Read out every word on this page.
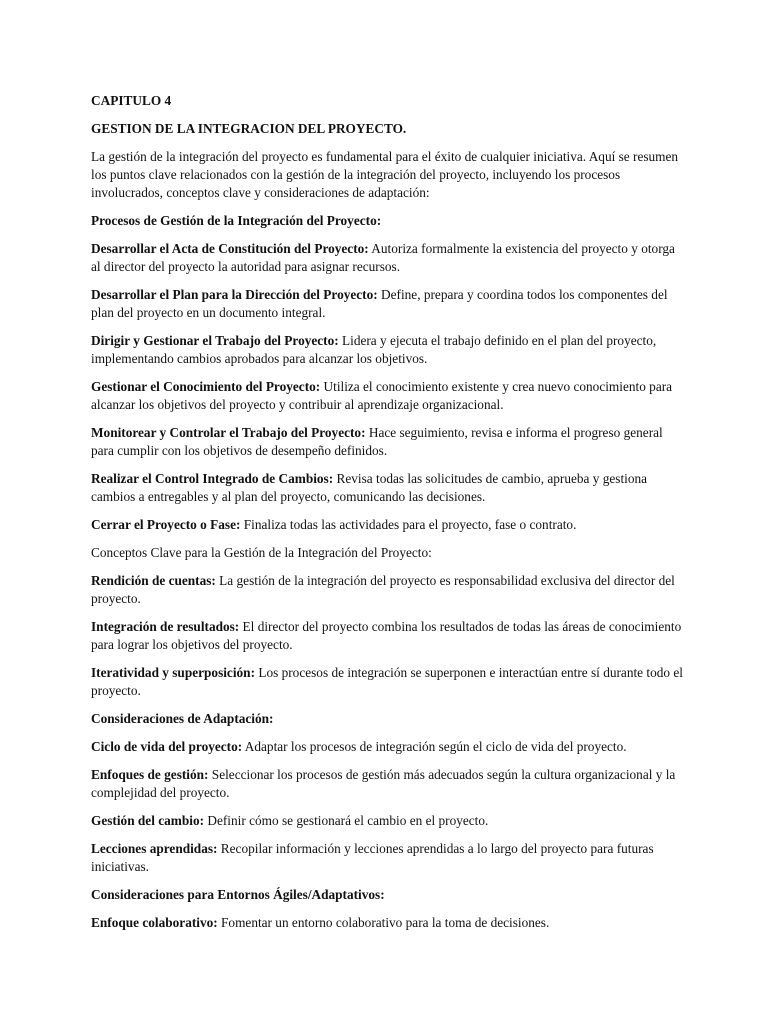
CAPITULO 4

GESTION DE LA INTEGRACION DEL PROYECTO.

La gestión de la integración del proyecto es fundamental para el éxito de cualquier iniciativa. Aquí se resumen los puntos clave relacionados con la gestión de la integración del proyecto, incluyendo los procesos involucrados, conceptos clave y consideraciones de adaptación:

Procesos de Gestión de la Integración del Proyecto:

Desarrollar el Acta de Constitución del Proyecto: Autoriza formalmente la existencia del proyecto y otorga al director del proyecto la autoridad para asignar recursos.

Desarrollar el Plan para la Dirección del Proyecto: Define, prepara y coordina todos los componentes del plan del proyecto en un documento integral.

Dirigir y Gestionar el Trabajo del Proyecto: Lidera y ejecuta el trabajo definido en el plan del proyecto, implementando cambios aprobados para alcanzar los objetivos.

Gestionar el Conocimiento del Proyecto: Utiliza el conocimiento existente y crea nuevo conocimiento para alcanzar los objetivos del proyecto y contribuir al aprendizaje organizacional.

Monitorear y Controlar el Trabajo del Proyecto: Hace seguimiento, revisa e informa el progreso general para cumplir con los objetivos de desempeño definidos.

Realizar el Control Integrado de Cambios: Revisa todas las solicitudes de cambio, aprueba y gestiona cambios a entregables y al plan del proyecto, comunicando las decisiones.

Cerrar el Proyecto o Fase: Finaliza todas las actividades para el proyecto, fase o contrato.

Conceptos Clave para la Gestión de la Integración del Proyecto:

Rendición de cuentas: La gestión de la integración del proyecto es responsabilidad exclusiva del director del proyecto.

Integración de resultados: El director del proyecto combina los resultados de todas las áreas de conocimiento para lograr los objetivos del proyecto.

Iteratividad y superposición: Los procesos de integración se superponen e interactúan entre sí durante todo el proyecto.

Consideraciones de Adaptación:

Ciclo de vida del proyecto: Adaptar los procesos de integración según el ciclo de vida del proyecto.

Enfoques de gestión: Seleccionar los procesos de gestión más adecuados según la cultura organizacional y la complejidad del proyecto.

Gestión del cambio: Definir cómo se gestionará el cambio en el proyecto.

Lecciones aprendidas: Recopilar información y lecciones aprendidas a lo largo del proyecto para futuras iniciativas.

Consideraciones para Entornos Ágiles/Adaptativos:

Enfoque colaborativo: Fomentar un entorno colaborativo para la toma de decisiones.
